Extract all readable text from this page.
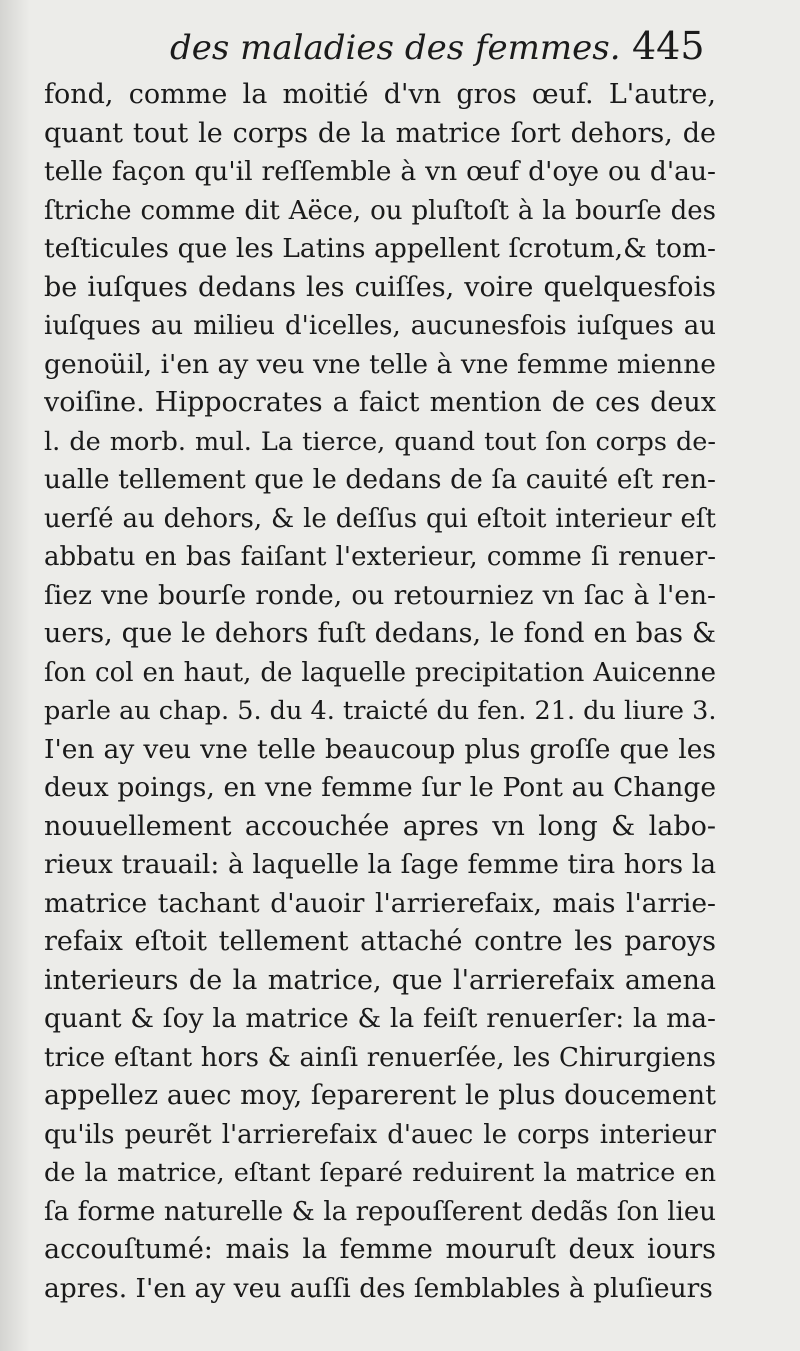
des maladies des femmes. 445
fond, comme la moitié d'vn gros œuf. L'autre,
quant tout le corps de la matrice ſort dehors, de
telle façon qu'il reſſemble à vn œuf d'oye ou d'au-
ſtriche comme dit Aëce, ou pluſtoſt à la bourſe des
teſticules que les Latins appellent ſcrotum,& tom-
be iuſques dedans les cuiſſes, voire quelquesfois
iuſques au milieu d'icelles, aucunesfois iuſques au
genoüil, i'en ay veu vne telle à vne femme mienne
voiſine. Hippocrates a faict mention de ces deux
l. de morb. mul. La tierce, quand tout ſon corps de-
ualle tellement que le dedans de ſa cauité eſt ren-
uerſé au dehors, & le deſſus qui eſtoit interieur eſt
abbatu en bas faiſant l'exterieur, comme ſi renuer-
ſiez vne bourſe ronde, ou retourniez vn ſac à l'en-
uers, que le dehors fuſt dedans, le fond en bas &
ſon col en haut, de laquelle precipitation Auicenne
parle au chap. 5. du 4. traicté du fen. 21. du liure 3.
I'en ay veu vne telle beaucoup plus groſſe que les
deux poings, en vne femme ſur le Pont au Change
nouuellement accouchée apres vn long & labo-
rieux trauail: à laquelle la ſage femme tira hors la
matrice tachant d'auoir l'arrierefaix, mais l'arrie-
refaix eſtoit tellement attaché contre les paroys
interieurs de la matrice, que l'arrierefaix amena
quant & ſoy la matrice & la feiſt renuerſer: la ma-
trice eſtant hors & ainſi renuerſée, les Chirurgiens
appellez auec moy, ſeparerent le plus doucement
qu'ils peurẽt l'arrierefaix d'auec le corps interieur
de la matrice, eſtant ſeparé reduirent la matrice en
ſa forme naturelle & la repouſſerent dedãs ſon lieu
accouſtumé: mais la femme mouruſt deux iours
apres. I'en ay veu auſſi des ſemblables à pluſieurs
